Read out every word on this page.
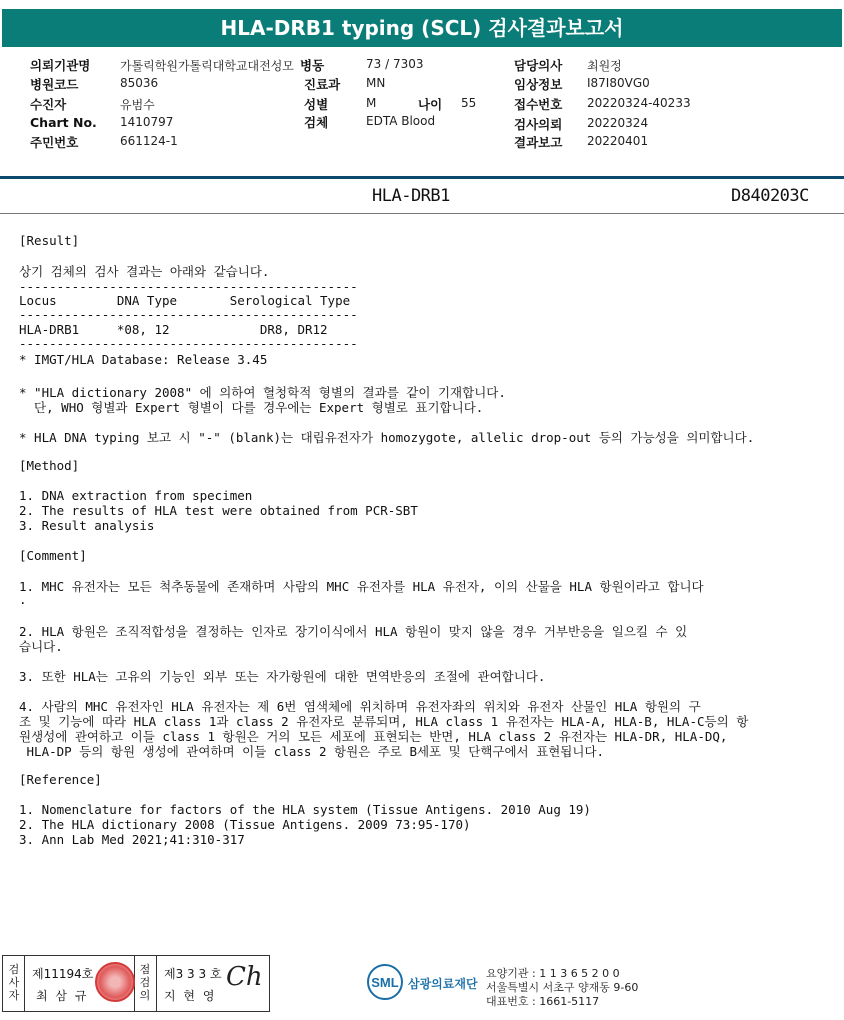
HLA-DRB1 typing (SCL) 검사결과보고서
의뢰기관명 가톨릭학원가톨릭대학교대전성모 병동	73 / 7303	담당의사 최원정
병원코드	85036	진료과 MN	임상정보 I87I80VG0
수진자	유범수	성별	M	나이 55	접수번호 20220324-40233
Chart No. 1410797	검체	EDTA Blood	검사의뢰 20220324
주민번호	661124-1	결과보고 20220401
HLA-DRB1	D840203C
[Result]
상기 검체의 검사 결과는 아래와 같습니다.
---------------------------------------------
Locus        DNA Type       Serological Type
---------------------------------------------
HLA-DRB1     *08, 12            DR8, DR12
---------------------------------------------
* IMGT/HLA Database: Release 3.45
* "HLA dictionary 2008" 에 의하여 혈청학적 형별의 결과를 같이 기재합니다.
단, WHO 형별과 Expert 형별이 다를 경우에는 Expert 형별로 표기합니다.
* HLA DNA typing 보고 시 "-" (blank)는 대립유전자가 homozygote, allelic drop-out 등의 가능성을 의미합니다.
[Method]
1. DNA extraction from specimen
2. The results of HLA test were obtained from PCR-SBT
3. Result analysis
[Comment]
1. MHC 유전자는 모든 척추동물에 존재하며 사람의 MHC 유전자를 HLA 유전자, 이의 산물을 HLA 항원이라고 합니다
.
2. HLA 항원은 조직적합성을 결정하는 인자로 장기이식에서 HLA 항원이 맞지 않을 경우 거부반응을 일으킬 수 있
습니다.
3. 또한 HLA는 고유의 기능인 외부 또는 자가항원에 대한 면역반응의 조절에 관여합니다.
4. 사람의 MHC 유전자인 HLA 유전자는 제 6번 염색체에 위치하며 유전자좌의 위치와 유전자 산물인 HLA 항원의 구
조 및 기능에 따라 HLA class 1과 class 2 유전자로 분류되며, HLA class 1 유전자는 HLA-A, HLA-B, HLA-C등의 항
원생성에 관여하고 이들 class 1 항원은 거의 모든 세포에 표현되는 반면, HLA class 2 유전자는 HLA-DR, HLA-DQ,
HLA-DP 등의 항원 생성에 관여하며 이들 class 2 항원은 주로 B세포 및 단핵구에서 표현됩니다.
[Reference]
1. Nomenclature for factors of the HLA system (Tissue Antigens. 2010 Aug 19)
2. The HLA dictionary 2008 (Tissue Antigens. 2009 73:95-170)
3. Ann Lab Med 2021;41:310-317
검
사
자
제11194호
최 삼 규
점
검
의
제3 3 3 호
지 현 영
Ch	SML 삼광의료재단
요양기관 : 1 1 3 6 5 2 0 0
서울특별시 서초구 양재동 9-60
대표번호 : 1661-5117
